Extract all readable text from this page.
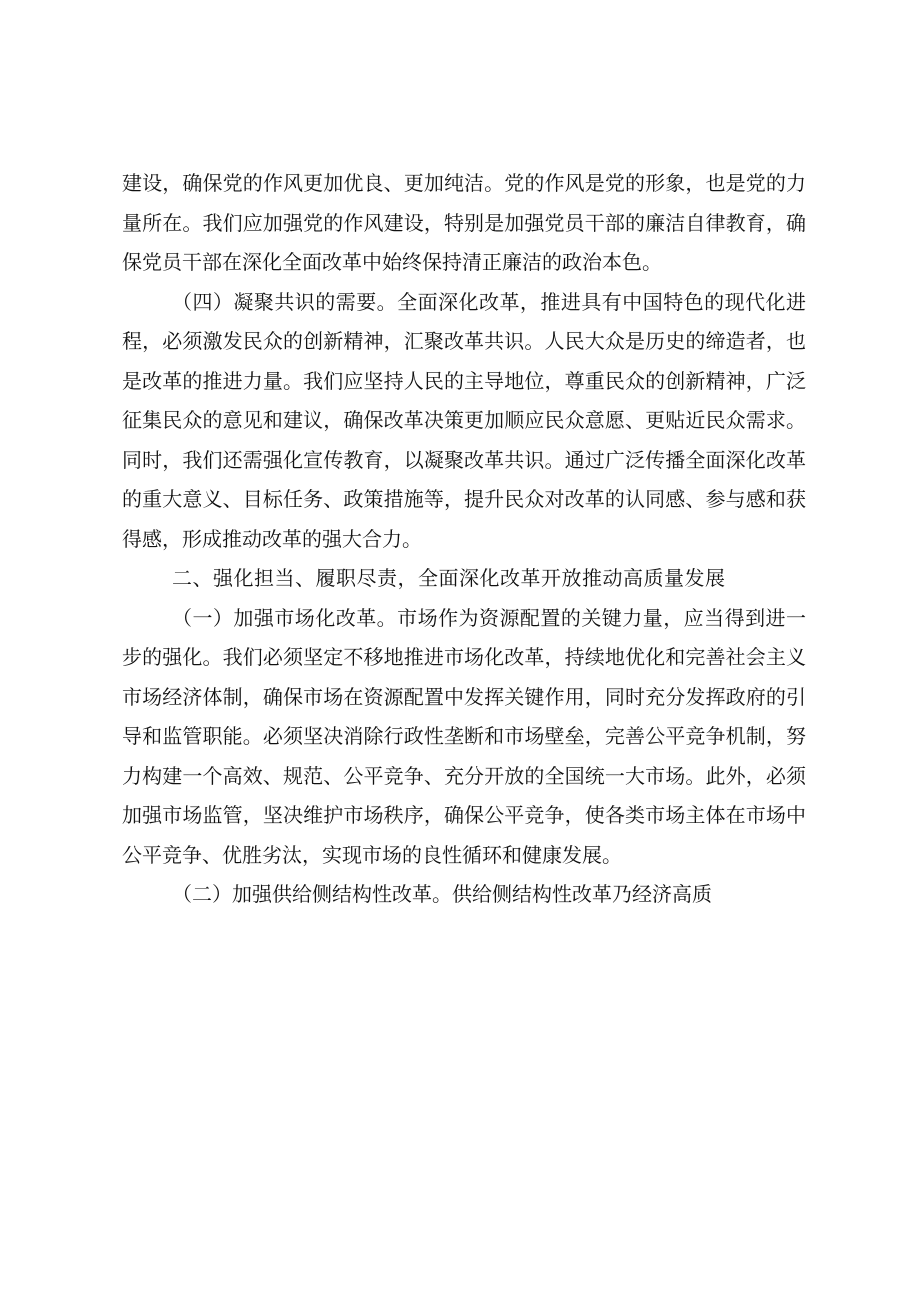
建设，确保党的作风更加优良、更加纯洁。党的作风是党的形象，也是党的力量所在。我们应加强党的作风建设，特别是加强党员干部的廉洁自律教育，确保党员干部在深化全面改革中始终保持清正廉洁的政治本色。

（四）凝聚共识的需要。全面深化改革，推进具有中国特色的现代化进程，必须激发民众的创新精神，汇聚改革共识。人民大众是历史的缔造者，也是改革的推进力量。我们应坚持人民的主导地位，尊重民众的创新精神，广泛征集民众的意见和建议，确保改革决策更加顺应民众意愿、更贴近民众需求。同时，我们还需强化宣传教育，以凝聚改革共识。通过广泛传播全面深化改革的重大意义、目标任务、政策措施等，提升民众对改革的认同感、参与感和获得感，形成推动改革的强大合力。

二、强化担当、履职尽责，全面深化改革开放推动高质量发展

（一）加强市场化改革。市场作为资源配置的关键力量，应当得到进一步的强化。我们必须坚定不移地推进市场化改革，持续地优化和完善社会主义市场经济体制，确保市场在资源配置中发挥关键作用，同时充分发挥政府的引导和监管职能。必须坚决消除行政性垄断和市场壁垒，完善公平竞争机制，努力构建一个高效、规范、公平竞争、充分开放的全国统一大市场。此外，必须加强市场监管，坚决维护市场秩序，确保公平竞争，使各类市场主体在市场中公平竞争、优胜劣汰，实现市场的良性循环和健康发展。

（二）加强供给侧结构性改革。供给侧结构性改革乃经济高质
